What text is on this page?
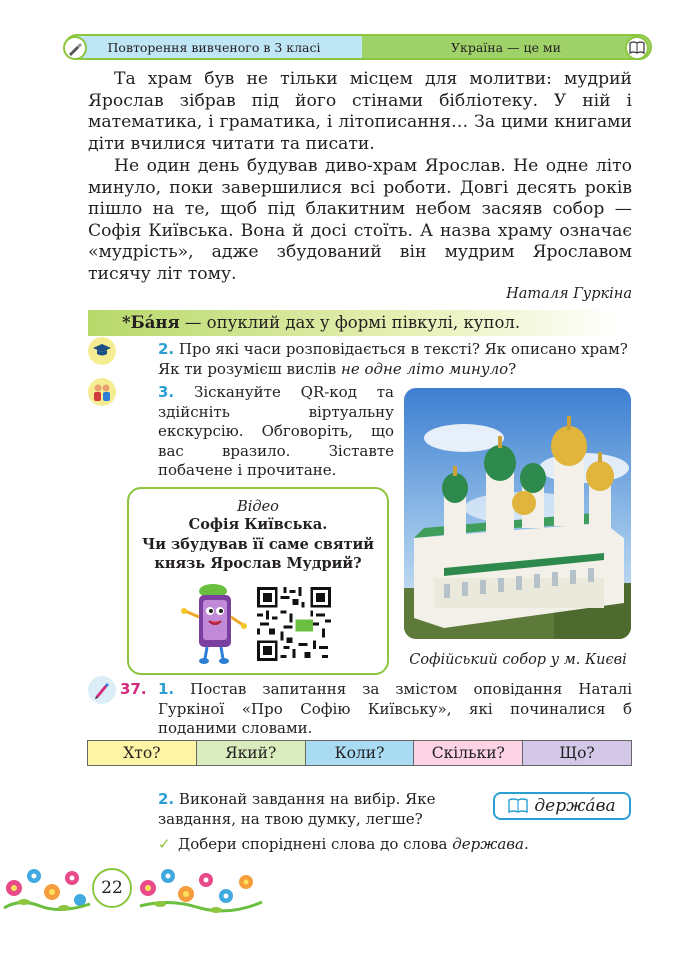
Повторення вивченого в 3 класі	Україна — це ми

Та храм був не тільки місцем для молитви: мудрий Ярослав зібрав під його стінами бібліотеку. У ній і математика, і граматика, і літописання… За цими книгами діти вчилися читати та писати.

Не один день будував диво-храм Ярослав. Не одне літо минуло, поки завершилися всі роботи. Довгі десять років пішло на те, щоб під блакитним небом засяяв собор — Софія Київська. Вона й досі стоїть. А назва храму означає «мудрість», адже збудований він мудрим Ярославом тисячу літ тому.

Наталя Гуркіна
*Ба́ня — опуклий дах у формі півкулі, купол.
2. Про які часи розповідається в тексті? Як описано храм? Як ти розумієш вислів не одне літо минуло?
3. Зіскануйте QR-код та здійсніть віртуальну екскурсію. Обговоріть, що вас вразило. Зіставте побачене і прочитане.
Відео
Софія Київська.
Чи збудував її саме святий
князь Ярослав Мудрий?
Софійський собор у м. Києві
37. 1. Постав запитання за змістом оповідання Наталі Гуркіної «Про Софію Київську», які починалися б поданими словами.
Хто?	Який?	Коли?	Скільки?	Що?
2. Виконай завдання на вибір. Яке завдання, на твою думку, легше?
держа́ва
✓ Добери споріднені слова до слова держава.
22
